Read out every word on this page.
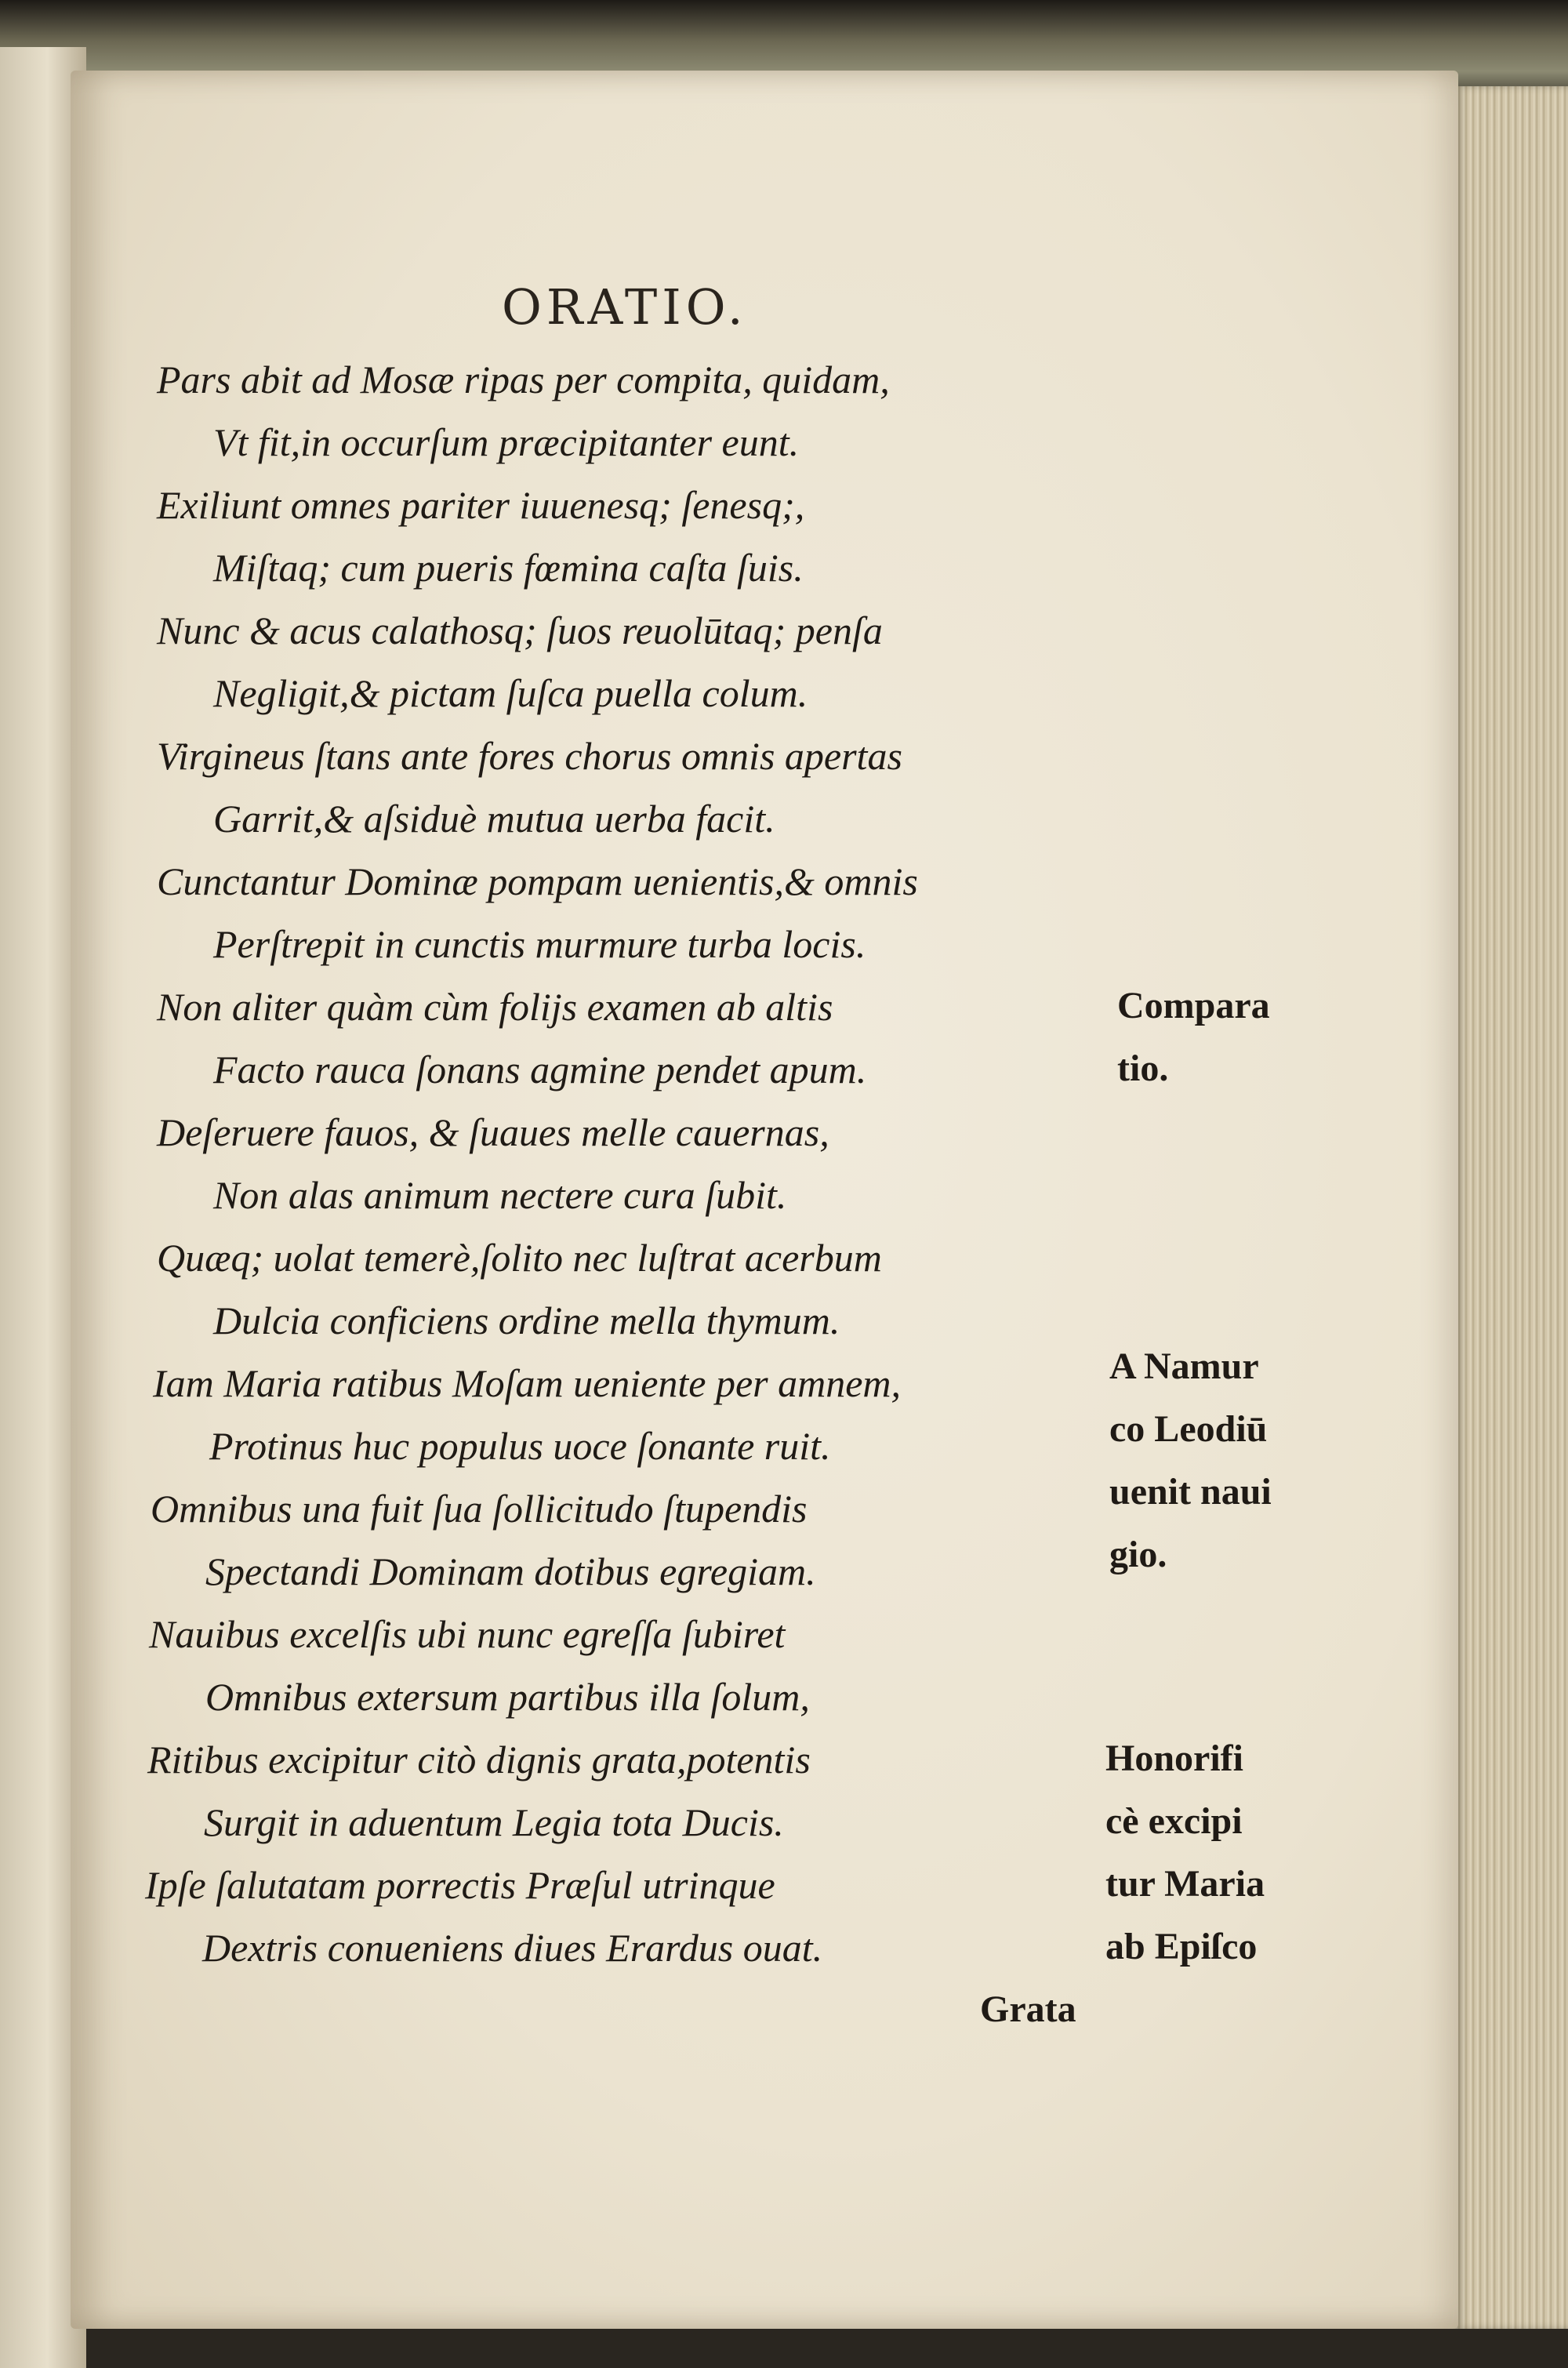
ORATIO.
Pars abit ad Mosæ ripas per compita, quidam,
Vt fit,in occurſum præcipitanter eunt.
Exiliunt omnes pariter iuuenesq; ſenesq;,
Miſtaq; cum pueris fœmina caſta ſuis.
Nunc & acus calathosq; ſuos reuolūtaq; penſa
Negligit,& pictam ſuſca puella colum.
Virgineus ſtans ante fores chorus omnis apertas
Garrit,& aſsiduè mutua uerba facit.
Cunctantur Dominæ pompam uenientis,& omnis
Perſtrepit in cunctis murmure turba locis.
Non aliter quàm cùm folijs examen ab altis
Facto rauca ſonans agmine pendet apum.
Deſeruere fauos, & ſuaues melle cauernas,
Non alas animum nectere cura ſubit.
Quæq; uolat temerè,ſolito nec luſtrat acerbum
Dulcia conficiens ordine mella thymum.
Iam Maria ratibus Moſam ueniente per amnem,
Protinus huc populus uoce ſonante ruit.
Omnibus una fuit ſua ſollicitudo ſtupendis
Spectandi Dominam dotibus egregiam.
Nauibus excelſis ubi nunc egreſſa ſubiret
Omnibus extersum partibus illa ſolum,
Ritibus excipitur citò dignis grata,potentis
Surgit in aduentum Legia tota Ducis.
Ipſe ſalutatam porrectis Præſul utrinque
Dextris conueniens diues Erardus ouat.
Compara
tio.
A Namur
co Leodiū
uenit naui
gio.
Honorifi
cè excipi
tur Maria
ab Epiſco
Grata
